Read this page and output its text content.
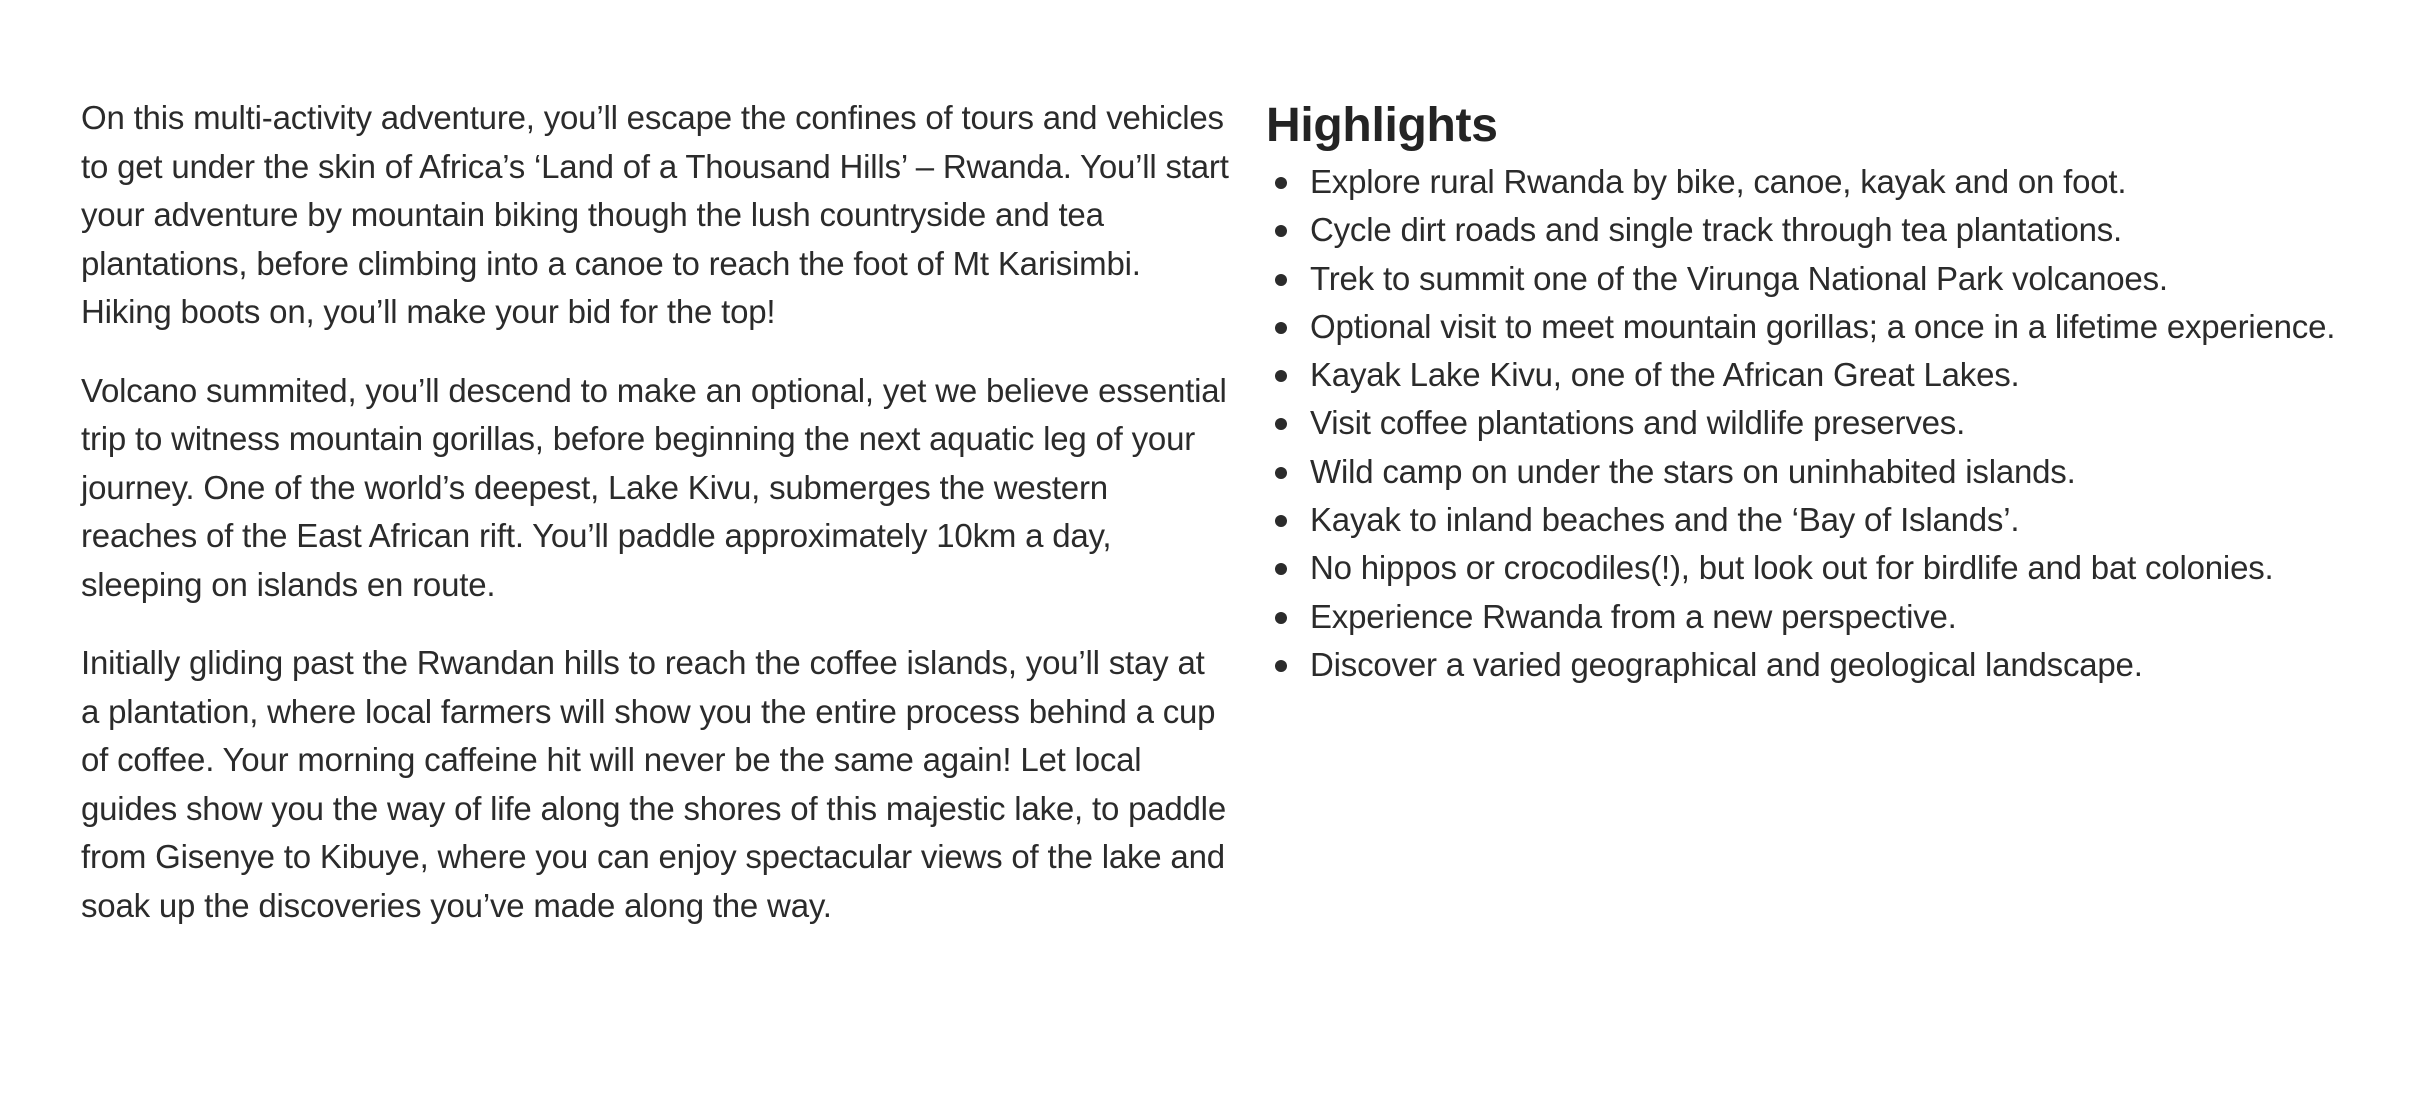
On this multi-activity adventure, you’ll escape the confines of tours and vehicles to get under the skin of Africa’s ‘Land of a Thousand Hills’ – Rwanda. You’ll start your adventure by mountain biking though the lush countryside and tea plantations, before climbing into a canoe to reach the foot of Mt Karisimbi. Hiking boots on, you’ll make your bid for the top!

Volcano summited, you’ll descend to make an optional, yet we believe essential trip to witness mountain gorillas, before beginning the next aquatic leg of your journey. One of the world’s deepest, Lake Kivu, submerges the western reaches of the East African rift. You’ll paddle approximately 10km a day, sleeping on islands en route.

Initially gliding past the Rwandan hills to reach the coffee islands, you’ll stay at a plantation, where local farmers will show you the entire process behind a cup of coffee. Your morning caffeine hit will never be the same again! Let local guides show you the way of life along the shores of this majestic lake, to paddle from Gisenye to Kibuye, where you can enjoy spectacular views of the lake and soak up the discoveries you’ve made along the way.

Highlights
Explore rural Rwanda by bike, canoe, kayak and on foot.
Cycle dirt roads and single track through tea plantations.
Trek to summit one of the Virunga National Park volcanoes.
Optional visit to meet mountain gorillas; a once in a lifetime experience.
Kayak Lake Kivu, one of the African Great Lakes.
Visit coffee plantations and wildlife preserves.
Wild camp on under the stars on uninhabited islands.
Kayak to inland beaches and the ‘Bay of Islands’.
No hippos or crocodiles(!), but look out for birdlife and bat colonies.
Experience Rwanda from a new perspective.
Discover a varied geographical and geological landscape.
